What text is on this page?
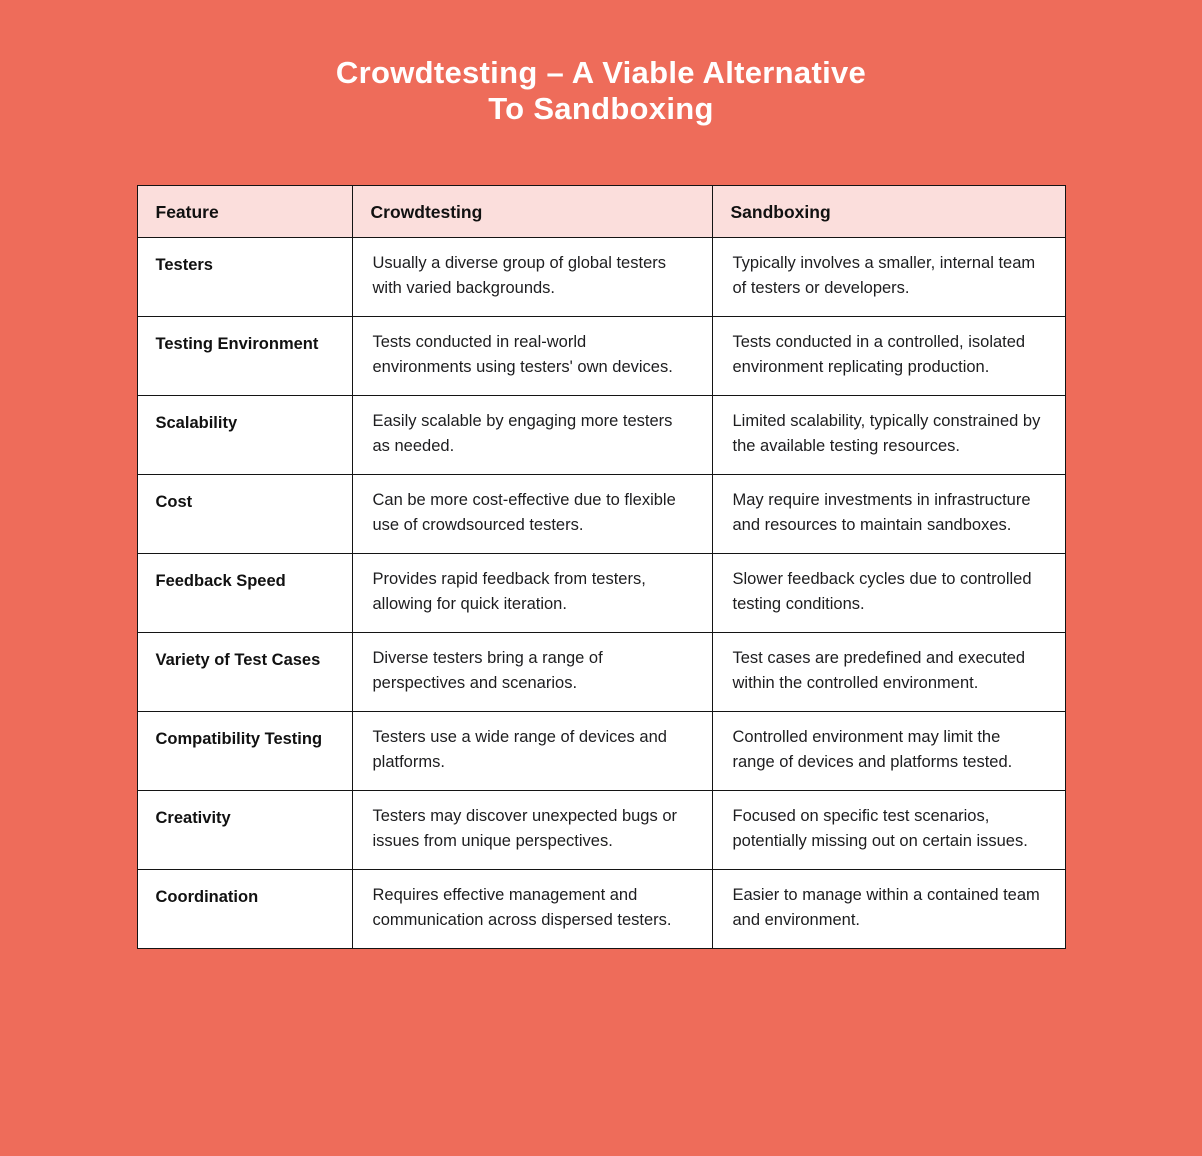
Crowdtesting – A Viable Alternative
To Sandboxing
Feature	Crowdtesting	Sandboxing
Testers	Usually a diverse group of global testers with varied backgrounds.	Typically involves a smaller, internal team of testers or developers.
Testing Environment	Tests conducted in real-world environments using testers' own devices.	Tests conducted in a controlled, isolated environment replicating production.
Scalability	Easily scalable by engaging more testers as needed.	Limited scalability, typically constrained by the available testing resources.
Cost	Can be more cost-effective due to flexible use of crowdsourced testers.	May require investments in infrastructure and resources to maintain sandboxes.
Feedback Speed	Provides rapid feedback from testers, allowing for quick iteration.	Slower feedback cycles due to controlled testing conditions.
Variety of Test Cases	Diverse testers bring a range of perspectives and scenarios.	Test cases are predefined and executed within the controlled environment.
Compatibility Testing	Testers use a wide range of devices and platforms.	Controlled environment may limit the range of devices and platforms tested.
Creativity	Testers may discover unexpected bugs or issues from unique perspectives.	Focused on specific test scenarios, potentially missing out on certain issues.
Coordination	Requires effective management and communication across dispersed testers.	Easier to manage within a contained team and environment.
